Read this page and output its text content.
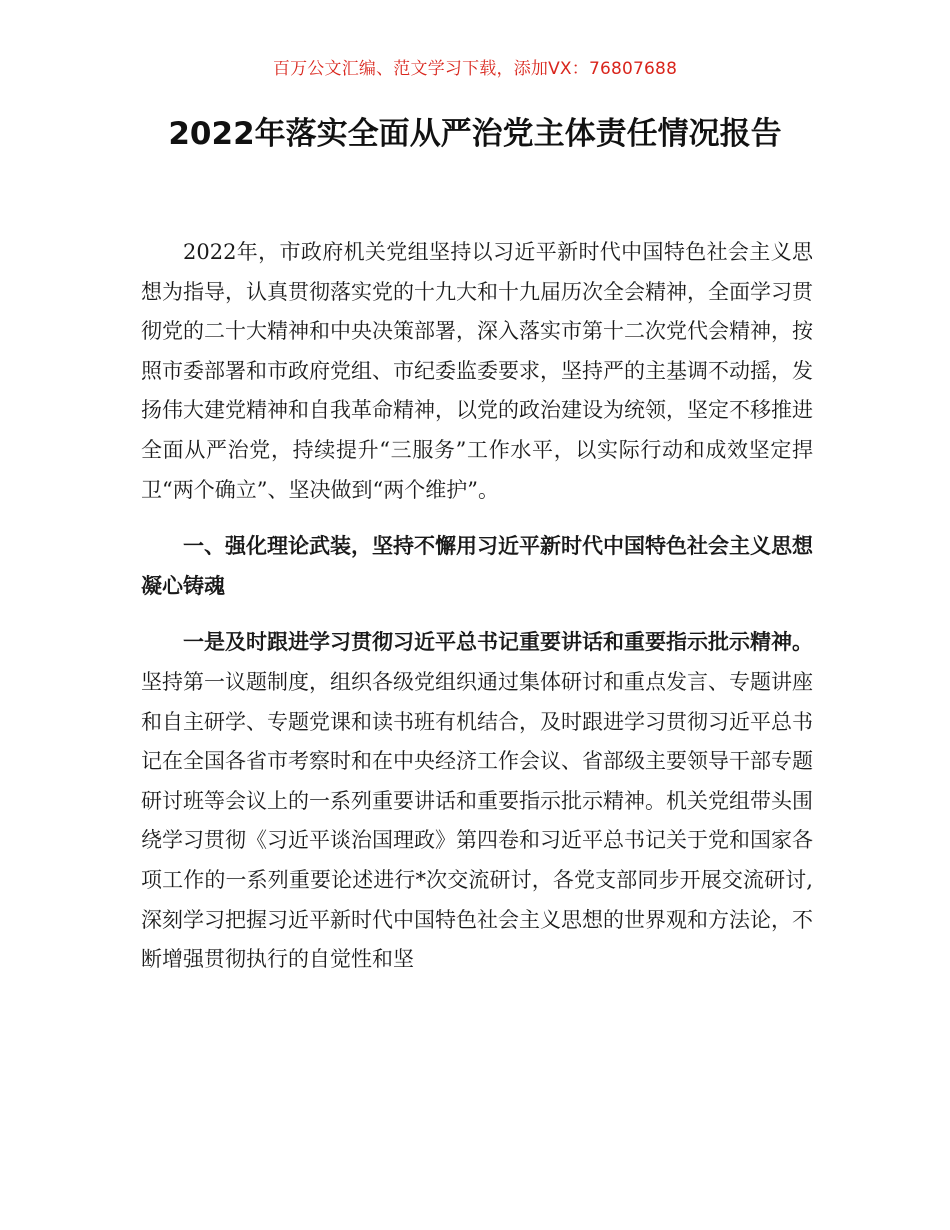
百万公文汇编、范文学习下载，添加VX：76807688
2022年落实全面从严治党主体责任情况报告

2022年，市政府机关党组坚持以习近平新时代中国特色社会主义思想为指导，认真贯彻落实党的十九大和十九届历次全会精神，全面学习贯彻党的二十大精神和中央决策部署，深入落实市第十二次党代会精神，按照市委部署和市政府党组、市纪委监委要求，坚持严的主基调不动摇，发扬伟大建党精神和自我革命精神，以党的政治建设为统领，坚定不移推进全面从严治党，持续提升“三服务”工作水平，以实际行动和成效坚定捍卫“两个确立”、坚决做到“两个维护”。

一、强化理论武装，坚持不懈用习近平新时代中国特色社会主义思想凝心铸魂

一是及时跟进学习贯彻习近平总书记重要讲话和重要指示批示精神。坚持第一议题制度，组织各级党组织通过集体研讨和重点发言、专题讲座和自主研学、专题党课和读书班有机结合，及时跟进学习贯彻习近平总书记在全国各省市考察时和在中央经济工作会议、省部级主要领导干部专题研讨班等会议上的一系列重要讲话和重要指示批示精神。机关党组带头围绕学习贯彻《习近平谈治国理政》第四卷和习近平总书记关于党和国家各项工作的一系列重要论述进行*次交流研讨，各党支部同步开展交流研讨,深刻学习把握习近平新时代中国特色社会主义思想的世界观和方法论，不断增强贯彻执行的自觉性和坚
